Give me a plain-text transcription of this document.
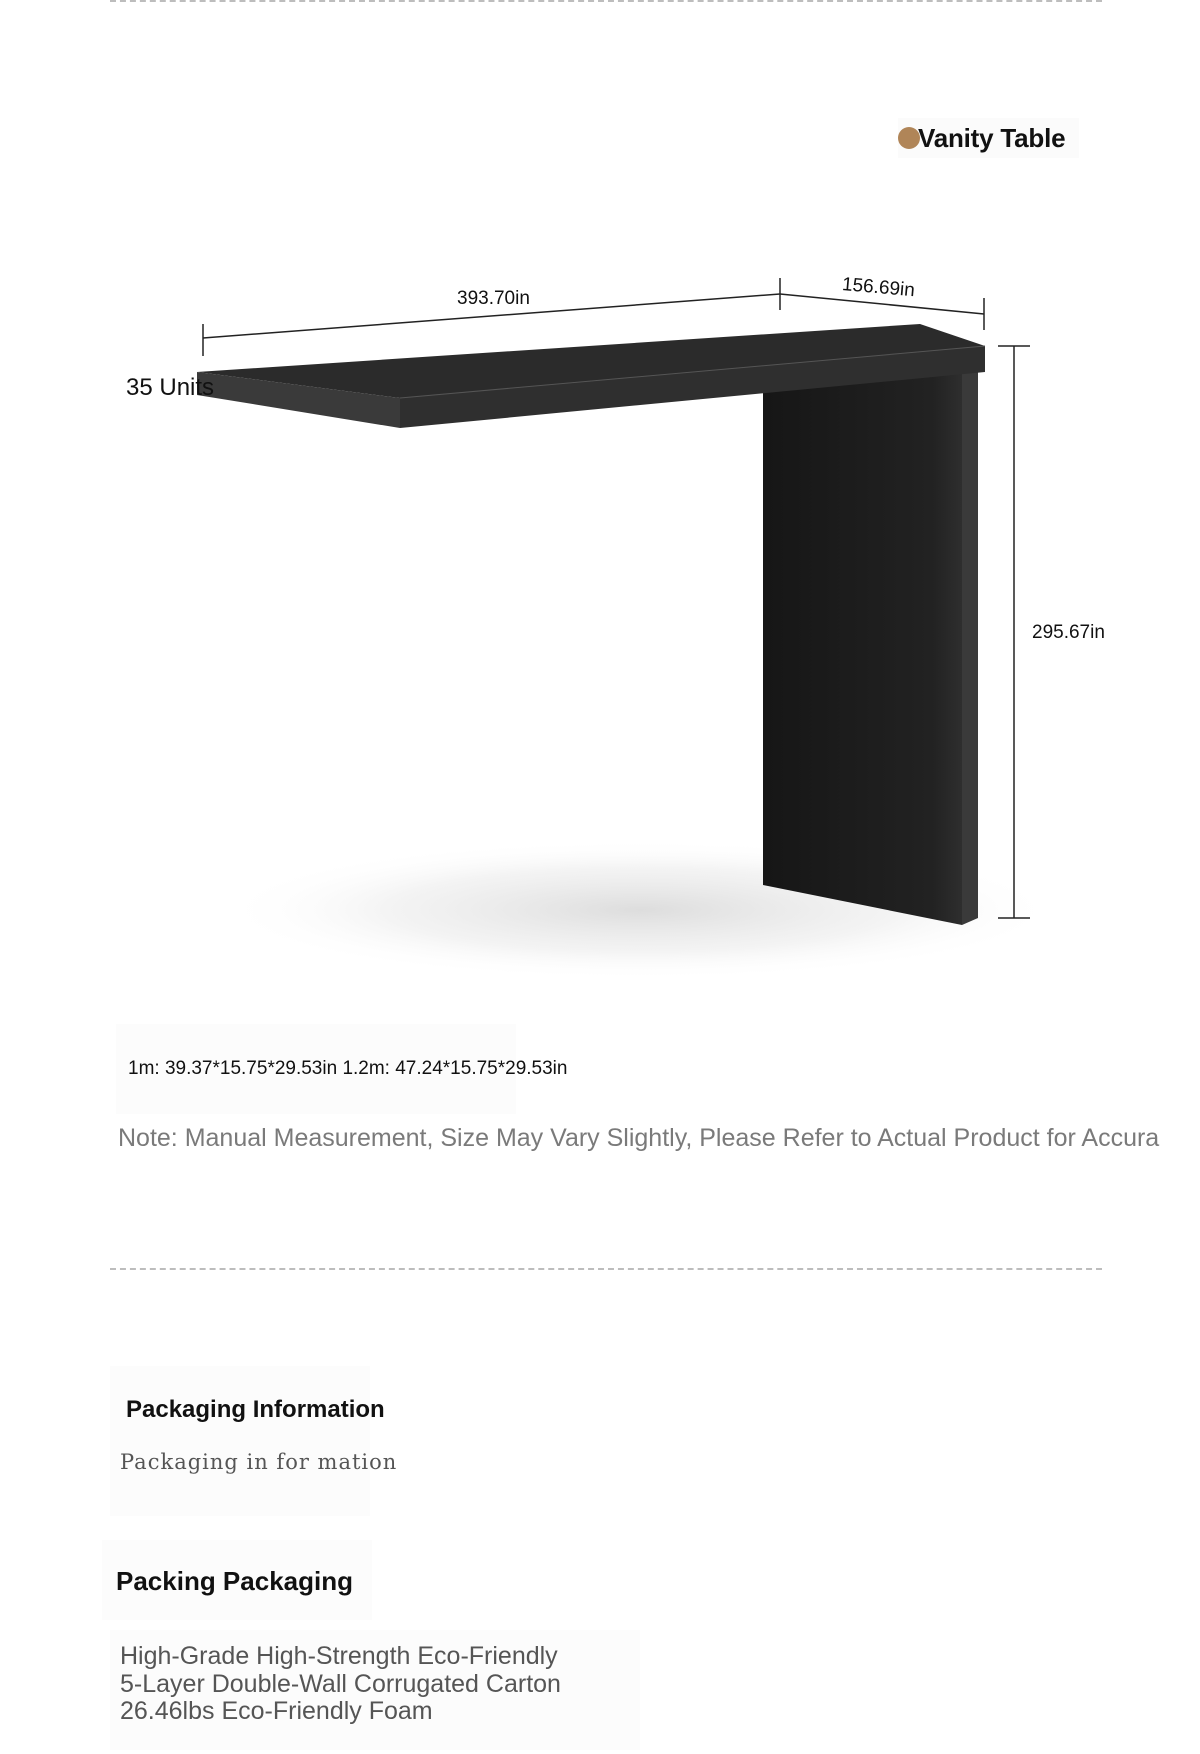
Vanity Table
393.70in	156.69in
295.67in
35 Units
1m: 39.37*15.75*29.53in 1.2m: 47.24*15.75*29.53in
Note: Manual Measurement, Size May Vary Slightly, Please Refer to Actual Product for Accura
Packaging Information
Packaging in for mation
Packing Packaging
High-Grade High-Strength Eco-Friendly
5-Layer Double-Wall Corrugated Carton
26.46lbs Eco-Friendly Foam
